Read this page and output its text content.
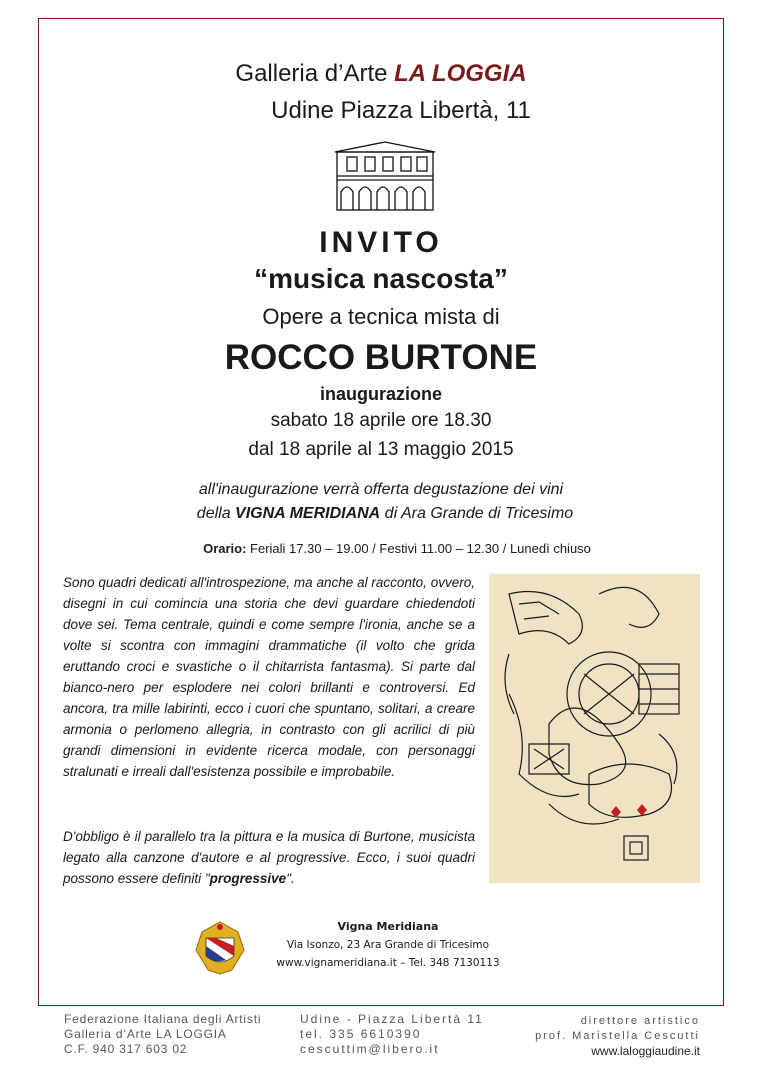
Galleria d’Arte LA LOGGIA
Udine Piazza Libertà, 11
INVITO
“musica nascosta”
Opere a tecnica mista di
ROCCO BURTONE
inaugurazione
sabato 18 aprile ore 18.30
dal 18 aprile al 13 maggio 2015
all'inaugurazione verrà offerta degustazione dei vini
della VIGNA MERIDIANA di Ara Grande di Tricesimo
Orario: Feriali 17.30 – 19.00 / Festivi 11.00 – 12.30 / Lunedì chiuso
Sono quadri dedicati all'introspezione, ma anche al racconto, ovvero, disegni in cui comincia una storia che devi guardare chiedendoti dove sei. Tema centrale, quindi e come sempre l'ironia, anche se a volte si scontra con immagini drammatiche (il volto che grida eruttando croci e svastiche o il chitarrista fantasma). Si parte dal bianco-nero per esplodere nei colori brillanti e controversi. Ed ancora, tra mille labirinti, ecco i cuori che spuntano, solitari, a creare armonia o perlomeno allegria, in contrasto con gli acrilici di più grandi dimensioni in evidente ricerca modale, con personaggi stralunati e irreali dall'esistenza possibile e improbabile.
D'obbligo è il parallelo tra la pittura e la musica di Burtone, musicista legato alla canzone d'autore e al progressive. Ecco, i suoi quadri possono essere definiti "progressive".
Vigna Meridiana
Via Isonzo, 23 Ara Grande di Tricesimo
www.vignameridiana.it – Tel. 348 7130113
Federazione Italiana degli Artisti
Galleria d’Arte LA LOGGIA
C.F. 940 317 603 02
Udine - Piazza Libertà 11
tel. 335 6610390
cescuttim@libero.it
direttore artistico
prof. Maristella Cescutti
www.laloggiaudine.it
